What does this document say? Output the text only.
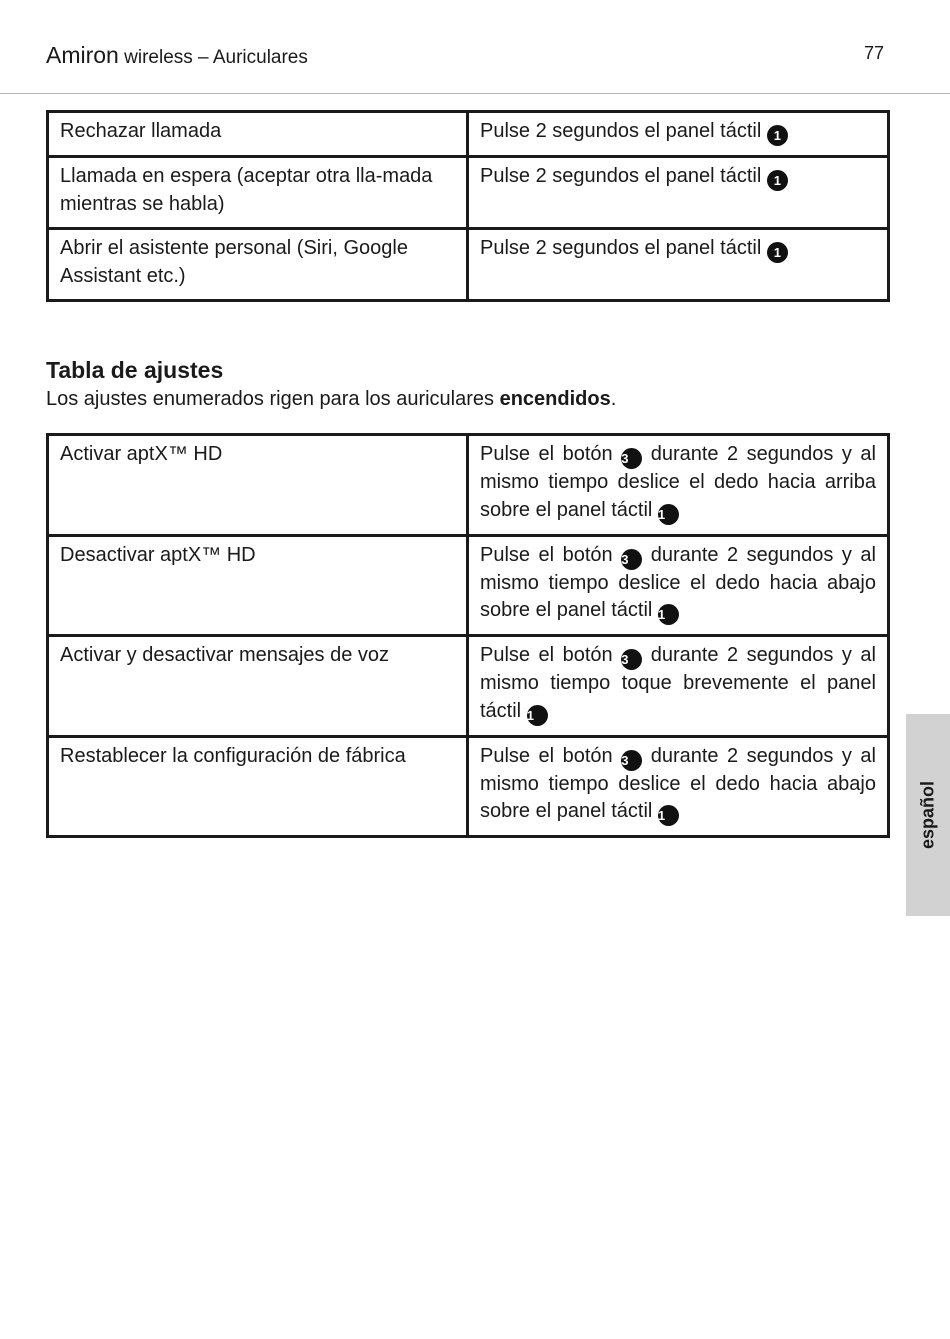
Amiron wireless – Auriculares	77
Rechazar llamada	Pulse 2 segundos el panel táctil 1
Llamada en espera (aceptar otra lla-mada mientras se habla)	Pulse 2 segundos el panel táctil 1
Abrir el asistente personal (Siri, Google Assistant etc.)	Pulse 2 segundos el panel táctil 1
Tabla de ajustes
Los ajustes enumerados rigen para los auriculares encendidos.
Activar aptX™ HD	Pulse el botón 3 durante 2 segundos y al mismo tiempo deslice el dedo hacia arriba sobre el panel táctil 1
Desactivar aptX™ HD	Pulse el botón 3 durante 2 segundos y al mismo tiempo deslice el dedo hacia abajo sobre el panel táctil 1
Activar y desactivar mensajes de voz	Pulse el botón 3 durante 2 segundos y al mismo tiempo toque brevemente el panel táctil 1
Restablecer la configuración de fábrica	Pulse el botón 3 durante 2 segundos y al mismo tiempo deslice el dedo hacia abajo sobre el panel táctil 1	español
